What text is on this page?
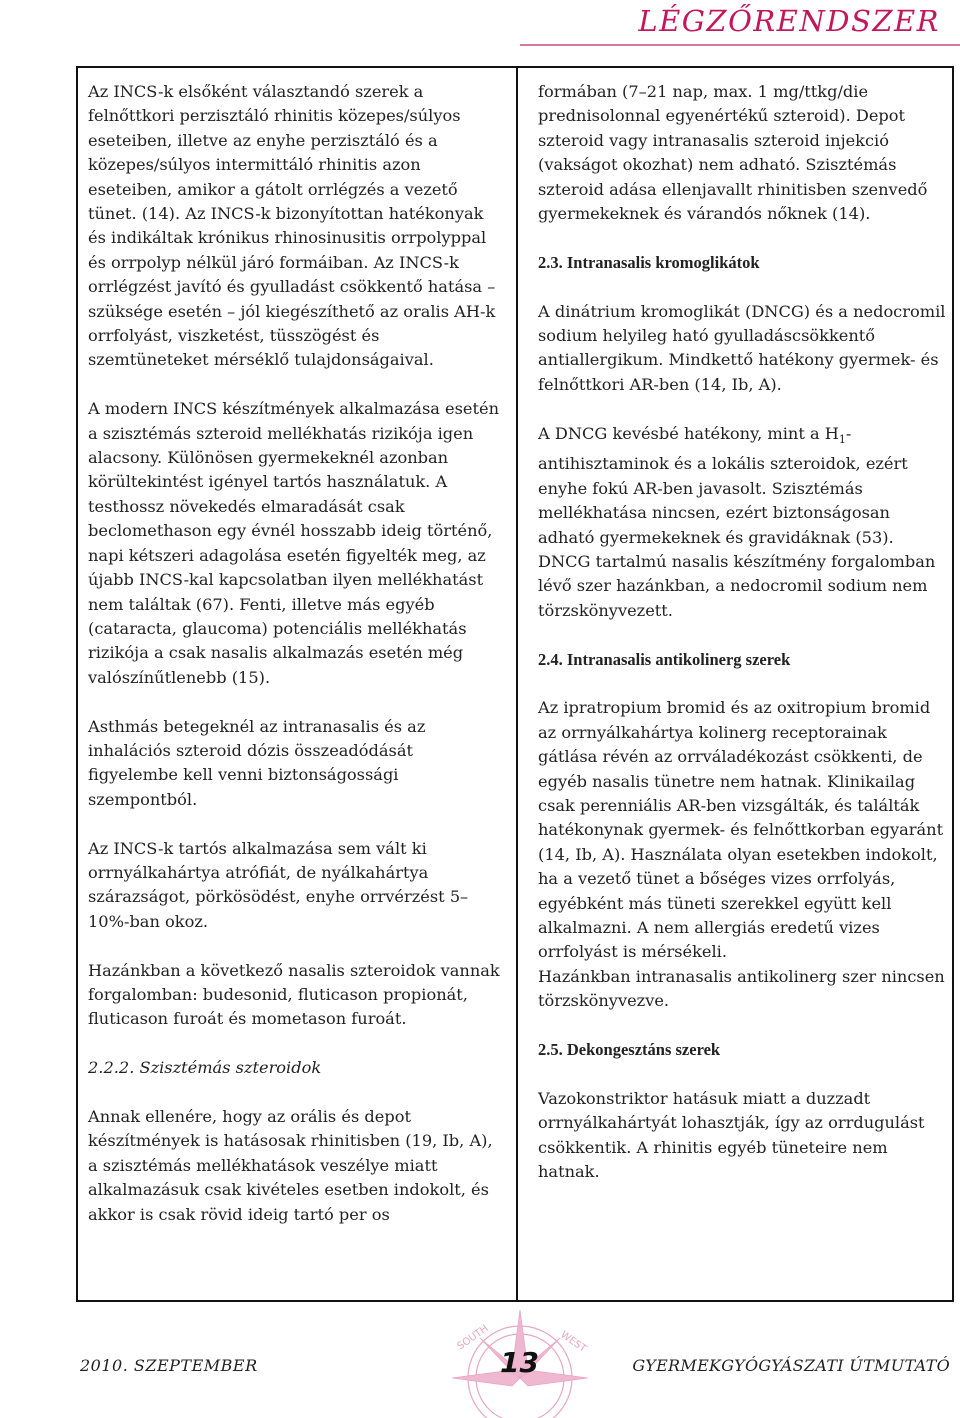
LÉGZŐRENDSZER

Az INCS-k elsőként választandó szerek a felnőttkori perzisztáló rhinitis közepes/súlyos eseteiben, illetve az enyhe perzisztáló és a közepes/súlyos intermittáló rhinitis azon eseteiben, amikor a gátolt orrlégzés a vezető tünet. (14). Az INCS-k bizonyítottan hatékonyak és indikáltak krónikus rhinosinusitis orrpolyppal és orrpolyp nélkül járó formáiban. Az INCS-k orrlégzést javító és gyulladást csökkentő hatása – szüksége esetén – jól kiegészíthető az oralis AH-k orrfolyást, viszketést, tüsszögést és szemtüneteket mérséklő tulajdonságaival.

A modern INCS készítmények alkalmazása esetén a szisztémás szteroid mellékhatás rizikója igen alacsony. Különösen gyermekeknél azonban körültekintést igényel tartós használatuk. A testhossz növekedés elmaradását csak beclomethason egy évnél hosszabb ideig történő, napi kétszeri adagolása esetén figyelték meg, az újabb INCS-kal kapcsolatban ilyen mellékhatást nem találtak (67). Fenti, illetve más egyéb (cataracta, glaucoma) potenciális mellékhatás rizikója a csak nasalis alkalmazás esetén még valószínűtlenebb (15).

Asthmás betegeknél az intranasalis és az inhalációs szteroid dózis összeadódását figyelembe kell venni biztonságossági szempontból.

Az INCS-k tartós alkalmazása sem vált ki orrnyálkahártya atrófiát, de nyálkahártya szárazságot, pörkösödést, enyhe orrvérzést 5–10%-ban okoz.

Hazánkban a következő nasalis szteroidok vannak forgalomban: budesonid, fluticason propionát, fluticason furoát és mometason furoát.

2.2.2. Szisztémás szteroidok

Annak ellenére, hogy az orális és depot készítmények is hatásosak rhinitisben (19, Ib, A), a szisztémás mellékhatások veszélye miatt alkalmazásuk csak kivételes esetben indokolt, és akkor is csak rövid ideig tartó per os

formában (7–21 nap, max. 1 mg/ttkg/die prednisolonnal egyenértékű szteroid). Depot szteroid vagy intranasalis szteroid injekció (vakságot okozhat) nem adható. Szisztémás szteroid adása ellenjavallt rhinitisben szenvedő gyermekeknek és várandós nőknek (14).

2.3. Intranasalis kromoglikátok

A dinátrium kromoglikát (DNCG) és a nedocromil sodium helyileg ható gyulladáscsökkentő antiallergikum. Mindkettő hatékony gyermek- és felnőttkori AR-ben (14, Ib, A).

A DNCG kevésbé hatékony, mint a $H_1$-antihisztaminok és a lokális szteroidok, ezért enyhe fokú AR-ben javasolt. Szisztémás mellékhatása nincsen, ezért biztonságosan adható gyermekeknek és gravidáknak (53). DNCG tartalmú nasalis készítmény forgalomban lévő szer hazánkban, a nedocromil sodium nem törzskönyvezett.

2.4. Intranasalis antikolinerg szerek

Az ipratropium bromid és az oxitropium bromid az orrnyálkahártya kolinerg receptorainak gátlása révén az orrváladékozást csökkenti, de egyéb nasalis tünetre nem hatnak. Klinikailag csak perenniális AR-ben vizsgálták, és találták hatékonynak gyermek- és felnőttkorban egyaránt (14, Ib, A). Használata olyan esetekben indokolt, ha a vezető tünet a bőséges vizes orrfolyás, egyébként más tüneti szerekkel együtt kell alkalmazni. A nem allergiás eredetű vizes orrfolyást is mérsékeli.

Hazánkban intranasalis antikolinerg szer nincsen törzskönyvezve.

2.5. Dekongesztáns szerek

Vazokonstriktor hatásuk miatt a duzzadt orrnyálkahártyát lohasztják, így az orrdugulást csökkentik. A rhinitis egyéb tüneteire nem hatnak.

SOUTH	WEST
2010. SZEPTEMBER	13	GYERMEKGYÓGYÁSZATI ÚTMUTATÓ
